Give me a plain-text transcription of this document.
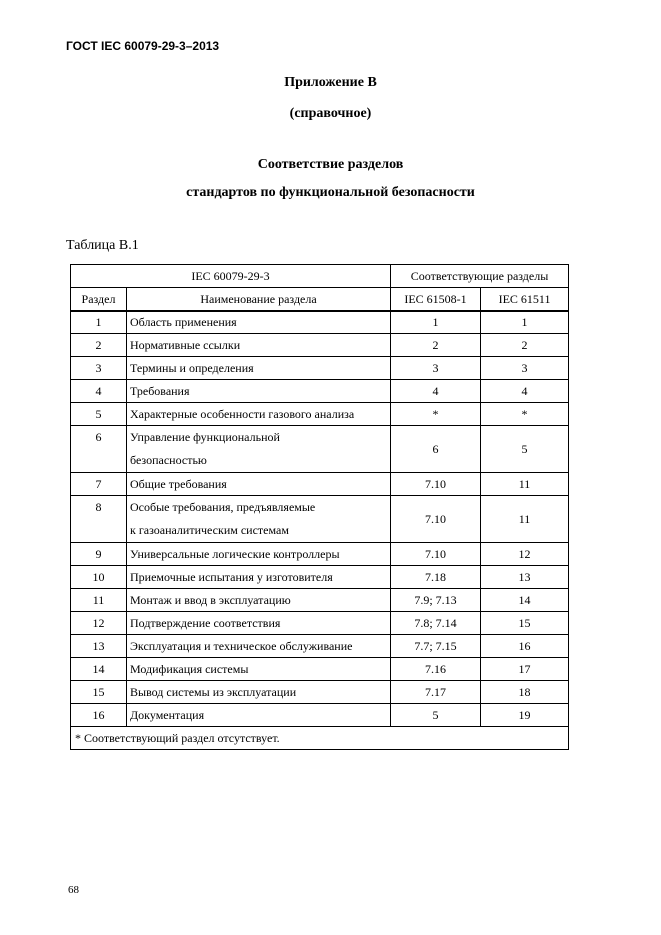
ГОСТ IEC 60079-29-3–2013
Приложение В
(справочное)
Соответствие разделов
стандартов по функциональной безопасности
Таблица В.1
IEC 60079-29-3		Соответствующие разделы	
Раздел	Наименование раздела	IEC 61508-1	IEC 61511
1	Область применения	1	1
2	Нормативные ссылки	2	2
3	Термины и определения	3	3
4	Требования	4	4
5	Характерные особенности газового анализа	*	*
6	Управление функциональной
безопасностью	6	5
7	Общие требования	7.10	11
8	Особые требования, предъявляемые
к газоаналитическим системам	7.10	11
9	Универсальные логические контроллеры	7.10	12
10	Приемочные испытания у изготовителя	7.18	13
11	Монтаж и ввод в эксплуатацию	7.9; 7.13	14
12	Подтверждение соответствия	7.8; 7.14	15
13	Эксплуатация и техническое обслуживание	7.7; 7.15	16
14	Модификация системы	7.16	17
15	Вывод системы из эксплуатации	7.17	18
16	Документация	5	19
* Соответствующий раздел отсутствует.			
68
